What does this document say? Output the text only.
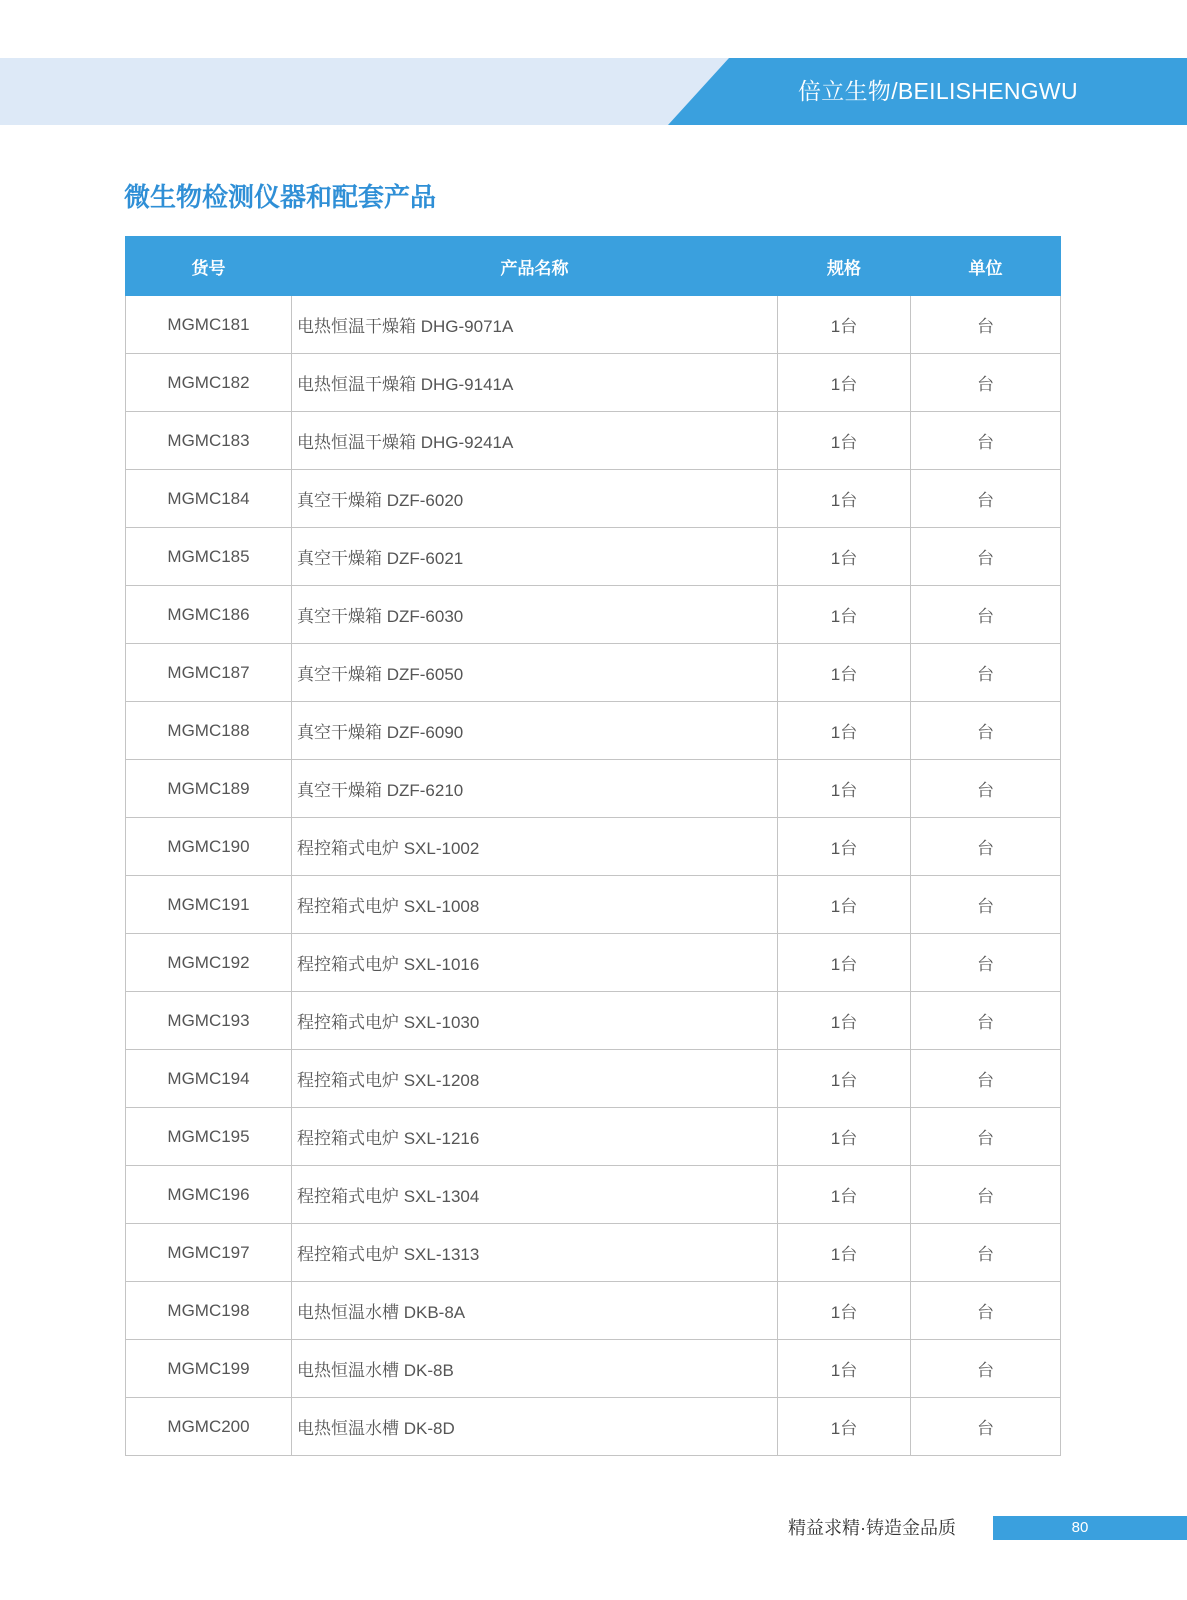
倍立生物/BEILISHENGWU
微生物检测仪器和配套产品
货号	产品名称	规格	单位
MGMC181	电热恒温干燥箱 DHG-9071A	1台	台
MGMC182	电热恒温干燥箱 DHG-9141A	1台	台
MGMC183	电热恒温干燥箱 DHG-9241A	1台	台
MGMC184	真空干燥箱 DZF-6020	1台	台
MGMC185	真空干燥箱 DZF-6021	1台	台
MGMC186	真空干燥箱 DZF-6030	1台	台
MGMC187	真空干燥箱 DZF-6050	1台	台
MGMC188	真空干燥箱 DZF-6090	1台	台
MGMC189	真空干燥箱 DZF-6210	1台	台
MGMC190	程控箱式电炉 SXL-1002	1台	台
MGMC191	程控箱式电炉 SXL-1008	1台	台
MGMC192	程控箱式电炉 SXL-1016	1台	台
MGMC193	程控箱式电炉 SXL-1030	1台	台
MGMC194	程控箱式电炉 SXL-1208	1台	台
MGMC195	程控箱式电炉 SXL-1216	1台	台
MGMC196	程控箱式电炉 SXL-1304	1台	台
MGMC197	程控箱式电炉 SXL-1313	1台	台
MGMC198	电热恒温水槽 DKB-8A	1台	台
MGMC199	电热恒温水槽 DK-8B	1台	台
MGMC200	电热恒温水槽 DK-8D	1台	台
精益求精·铸造金品质	80
